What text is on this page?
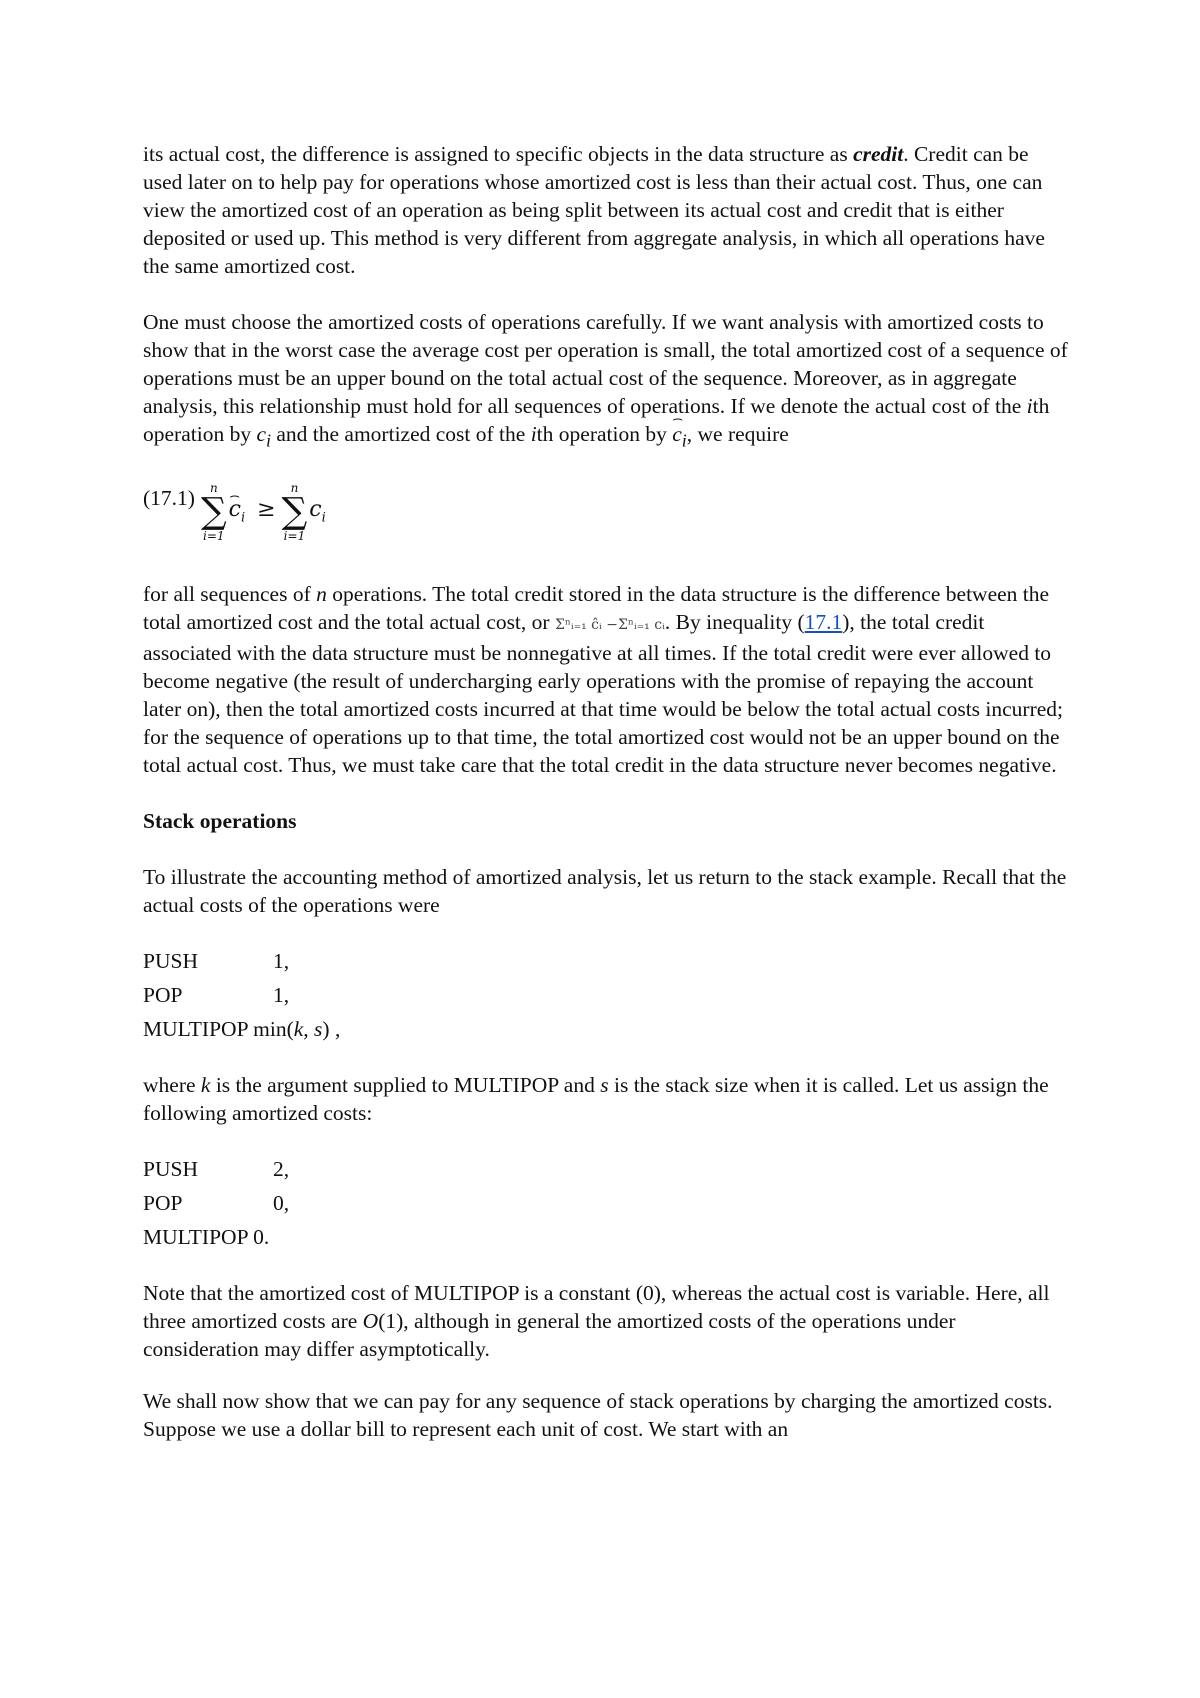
its actual cost, the difference is assigned to specific objects in the data structure as credit. Credit can be used later on to help pay for operations whose amortized cost is less than their actual cost. Thus, one can view the amortized cost of an operation as being split between its actual cost and credit that is either deposited or used up. This method is very different from aggregate analysis, in which all operations have the same amortized cost.

One must choose the amortized costs of operations carefully. If we want analysis with amortized costs to show that in the worst case the average cost per operation is small, the total amortized cost of a sequence of operations must be an upper bound on the total actual cost of the sequence. Moreover, as in aggregate analysis, this relationship must hold for all sequences of operations. If we denote the actual cost of the ith operation by $c_i$ and the amortized cost of the ith operation by ⌢ $c_i$, we require

(17.1) n
∑
i=1
⌢ $c_i$ ≥
n
∑
i=1
$c_i$

for all sequences of n operations. The total credit stored in the data structure is the difference between the total amortized cost and the total actual cost, or Σⁿᵢ₌₁ ĉᵢ −Σⁿᵢ₌₁ cᵢ. By inequality (17.1), the total credit associated with the data structure must be nonnegative at all times. If the total credit were ever allowed to become negative (the result of undercharging early operations with the promise of repaying the account later on), then the total amortized costs incurred at that time would be below the total actual costs incurred; for the sequence of operations up to that time, the total amortized cost would not be an upper bound on the total actual cost. Thus, we must take care that the total credit in the data structure never becomes negative.

Stack operations

To illustrate the accounting method of amortized analysis, let us return to the stack example. Recall that the actual costs of the operations were

PUSH	1,
POP	1,

MULTIPOP min(k, s) ,

where k is the argument supplied to MULTIPOP and s is the stack size when it is called. Let us assign the following amortized costs:

PUSH	2,
POP	0,

MULTIPOP 0.

Note that the amortized cost of MULTIPOP is a constant (0), whereas the actual cost is variable. Here, all three amortized costs are O(1), although in general the amortized costs of the operations under consideration may differ asymptotically.

We shall now show that we can pay for any sequence of stack operations by charging the amortized costs. Suppose we use a dollar bill to represent each unit of cost. We start with an
